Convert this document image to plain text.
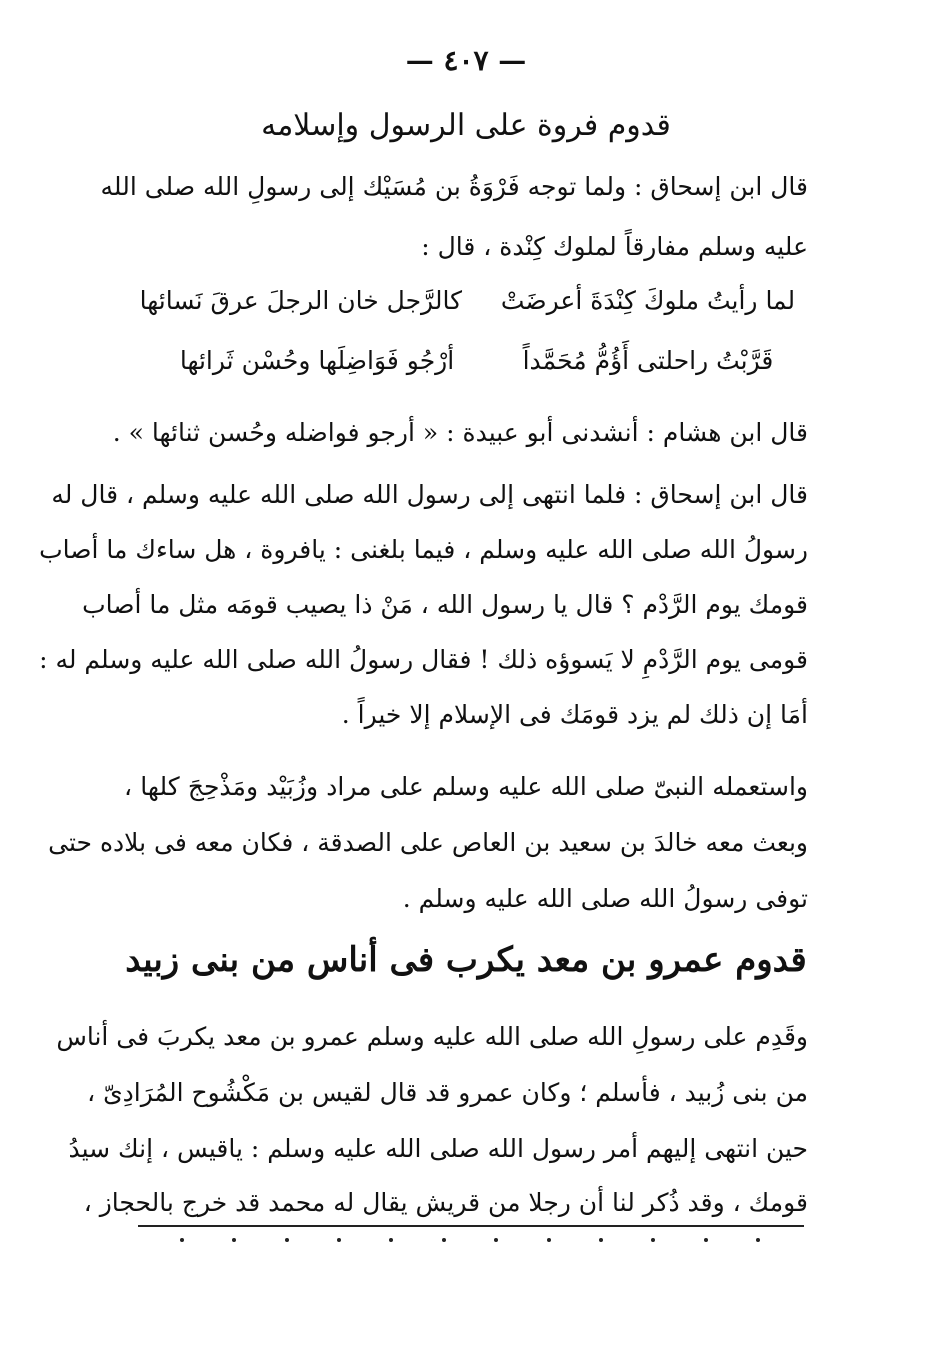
— ٤٠٧ —
قدوم فروة على الرسول وإسلامه
قال ابن إسحاق : ولما توجه فَرْوَةُ بن مُسَيْك إلى رسولِ الله صلى الله
عليه وسلم مفارقاً لملوك كِنْدة ، قال :
لما رأيتُ ملوكَ كِنْدَةَ أعرضَتْ
كالرَّجل خان الرجلَ عرقَ نَسائها
قَرَّبْتُ راحلتى أَؤُمُّ مُحَمَّداً
أرْجُو فَوَاضِلَها وحُسْن ثَرائها
قال ابن هشام : أنشدنى أبو عبيدة : « أرجو فواضله وحُسن ثنائها » .
قال ابن إسحاق : فلما انتهى إلى رسول الله صلى الله عليه وسلم ، قال له
رسولُ الله صلى الله عليه وسلم ، فيما بلغنى : يافروة ، هل ساءك ما أصاب
قومك يوم الرَّدْم ؟ قال يا رسول الله ، مَنْ ذا يصيب قومَه مثل ما أصاب
قومى يوم الرَّدْمِ لا يَسوؤه ذلك ! فقال رسولُ الله صلى الله عليه وسلم له :
أمَا إن ذلك لم يزد قومَك فى الإسلام إلا خيراً .
واستعمله النبىّ صلى الله عليه وسلم على مراد وزُبَيْد ومَذْحِجَ كلها ،
وبعث معه خالدَ بن سعيد بن العاص على الصدقة ، فكان معه فى بلاده حتى
توفى رسولُ الله صلى الله عليه وسلم .
قدوم عمرو بن معد يكرب فى أناس من بنى زبيد
وقَدِم على رسولِ الله صلى الله عليه وسلم عمرو بن معد يكربَ فى أناس
من بنى زُبيد ، فأسلم ؛ وكان عمرو قد قال لقيس بن مَكْشُوح المُرَادِىّ ،
حين انتهى إليهم أمر رسول الله صلى الله عليه وسلم : ياقيس ، إنك سيدُ
قومك ، وقد ذُكر لنا أن رجلا من قريش يقال له محمد قد خرج بالحجاز ،
